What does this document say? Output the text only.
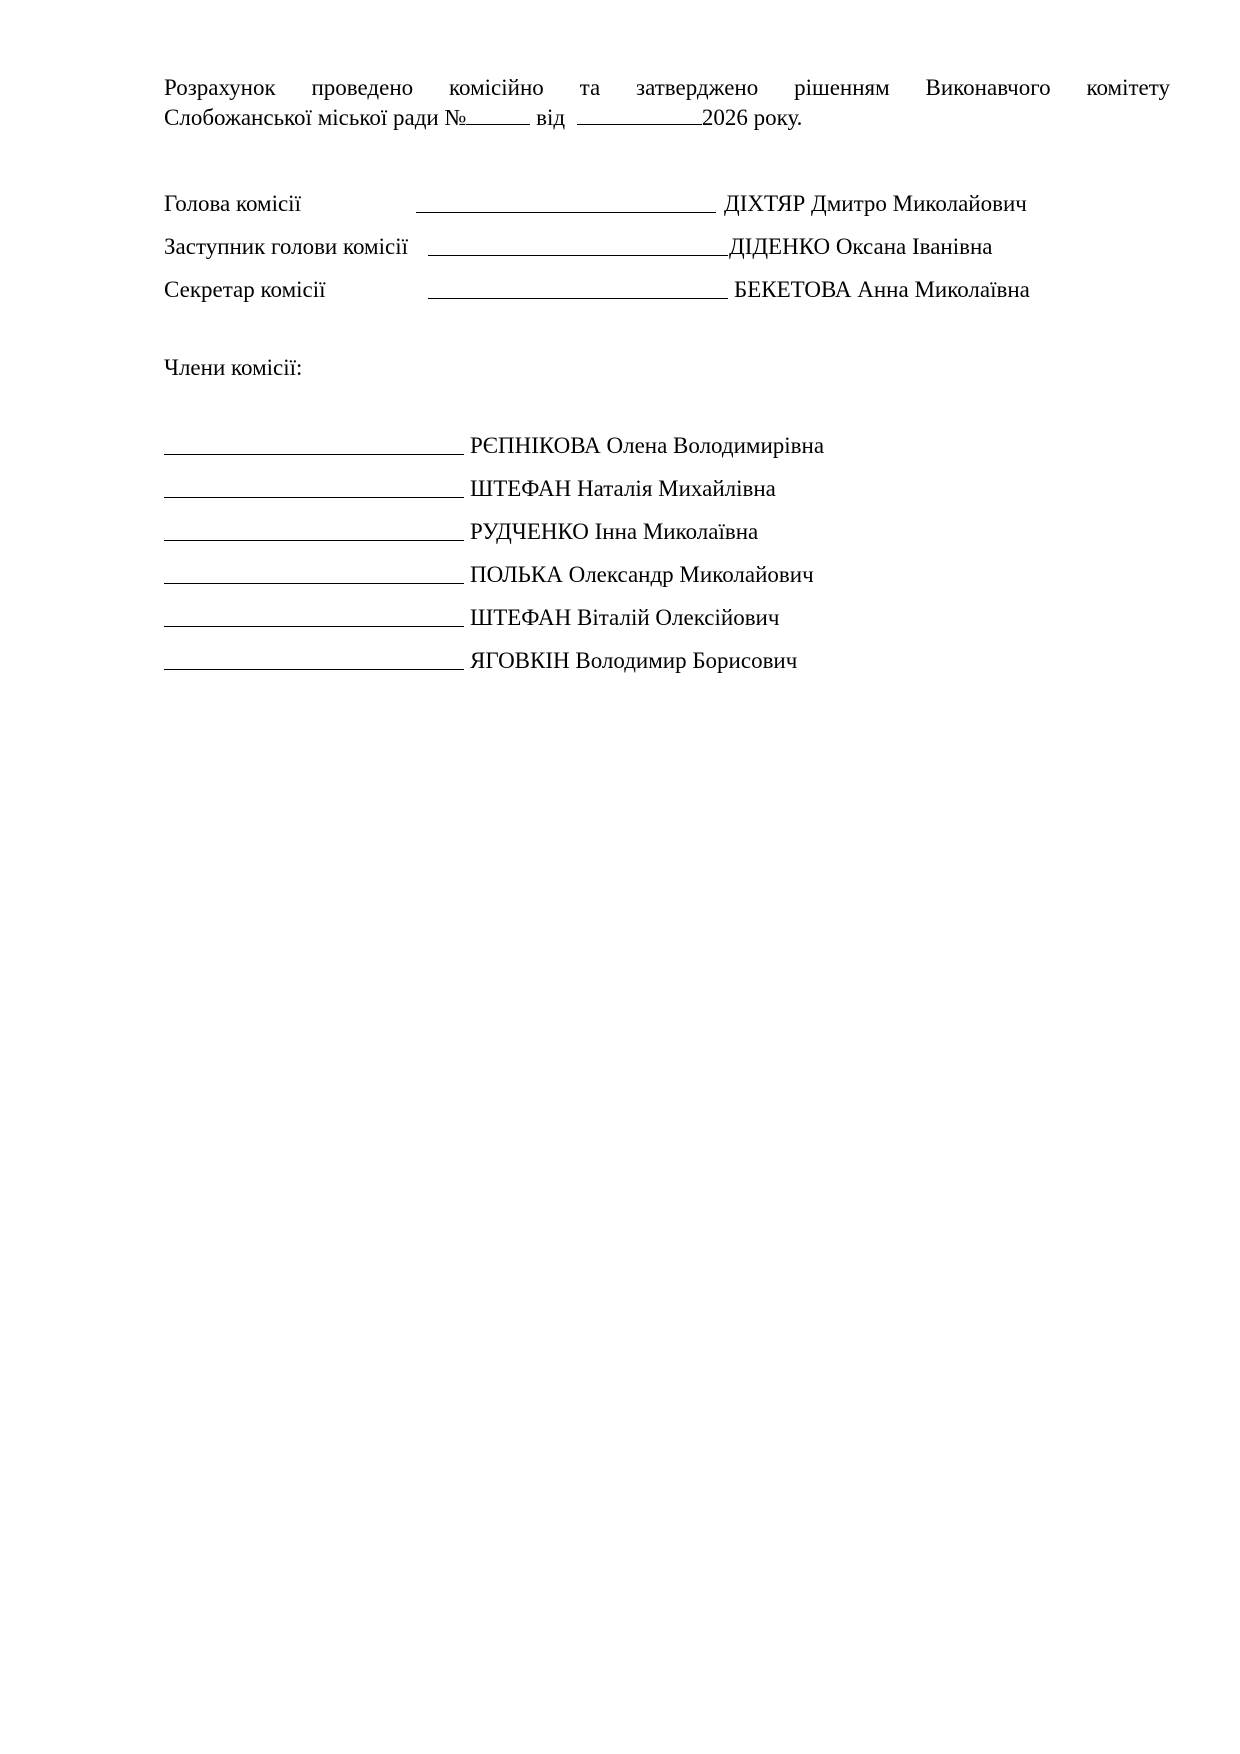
Розрахунок проведено комісійно та затверджено рішенням Виконавчого комітету
Слобожанської міської ради №	від	2026 року.
Голова комісії	ДІХТЯР Дмитро Миколайович
Заступник голови комісії	ДІДЕНКО Оксана Іванівна
Секретар комісії	БЕКЕТОВА Анна Миколаївна
Члени комісії:
РЄПНІКОВА Олена Володимирівна
ШТЕФАН Наталія Михайлівна
РУДЧЕНКО Інна Миколаївна
ПОЛЬКА Олександр Миколайович
ШТЕФАН Віталій Олексійович
ЯГОВКІН Володимир Борисович
